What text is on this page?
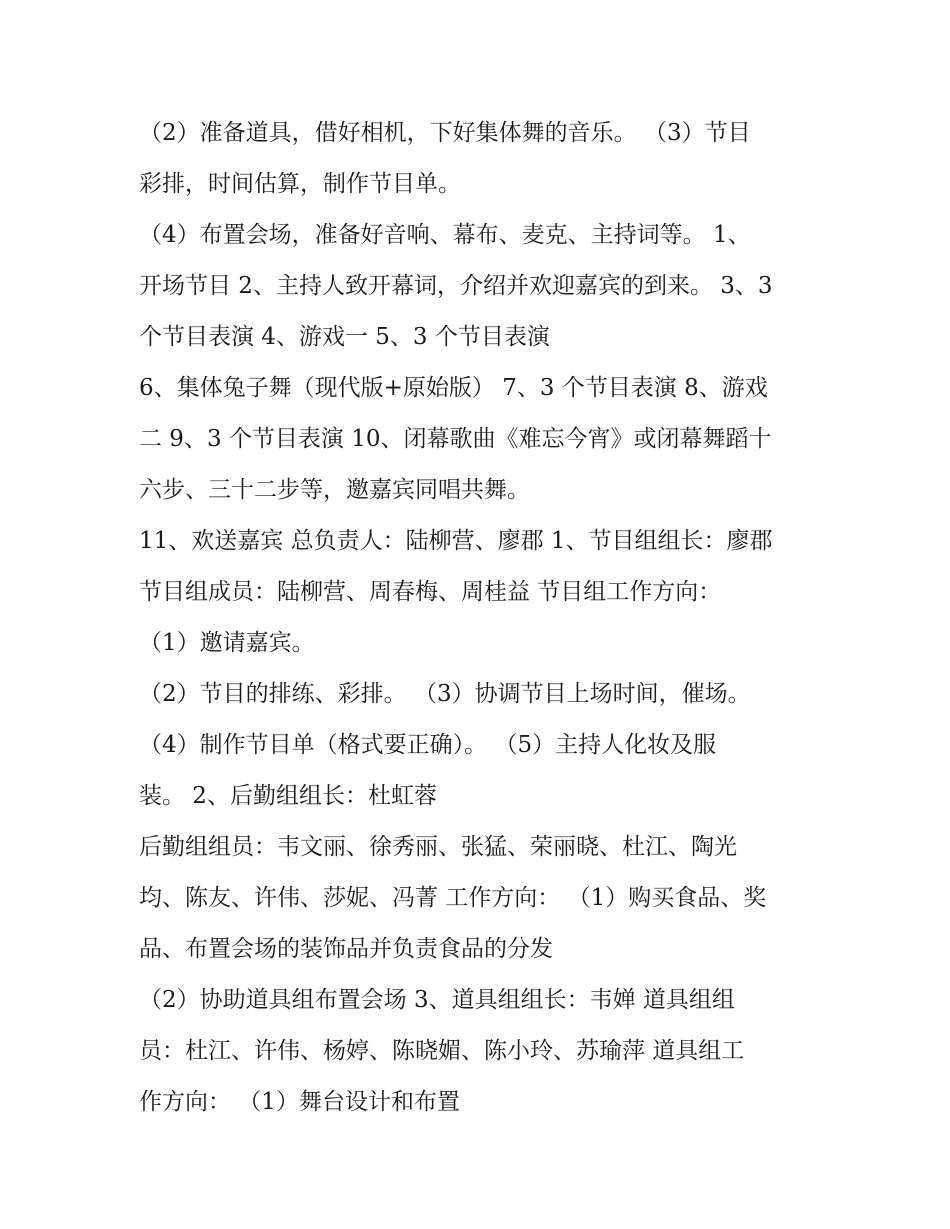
（2）准备道具，借好相机，下好集体舞的音乐。 （3）节目
彩排，时间估算，制作节目单。
（4）布置会场，准备好音响、幕布、麦克、主持词等。 1、
开场节目 2、主持人致开幕词，介绍并欢迎嘉宾的到来。 3、3
个节目表演 4、游戏一 5、3 个节目表演
6、集体兔子舞（现代版+原始版） 7、3 个节目表演 8、游戏
二 9、3 个节目表演 10、闭幕歌曲《难忘今宵》或闭幕舞蹈十
六步、三十二步等，邀嘉宾同唱共舞。
11、欢送嘉宾 总负责人：陆柳营、廖郡 1、节目组组长：廖郡
节目组成员：陆柳营、周春梅、周桂益 节目组工作方向：
（1）邀请嘉宾。
（2）节目的排练、彩排。 （3）协调节目上场时间，催场。
（4）制作节目单（格式要正确）。 （5）主持人化妆及服
装。 2、后勤组组长：杜虹蓉
后勤组组员：韦文丽、徐秀丽、张猛、荣丽晓、杜江、陶光
均、陈友、许伟、莎妮、冯菁 工作方向： （1）购买食品、奖
品、布置会场的装饰品并负责食品的分发
（2）协助道具组布置会场 3、道具组组长：韦婵 道具组组
员：杜江、许伟、杨婷、陈晓媚、陈小玲、苏瑜萍 道具组工
作方向： （1）舞台设计和布置
